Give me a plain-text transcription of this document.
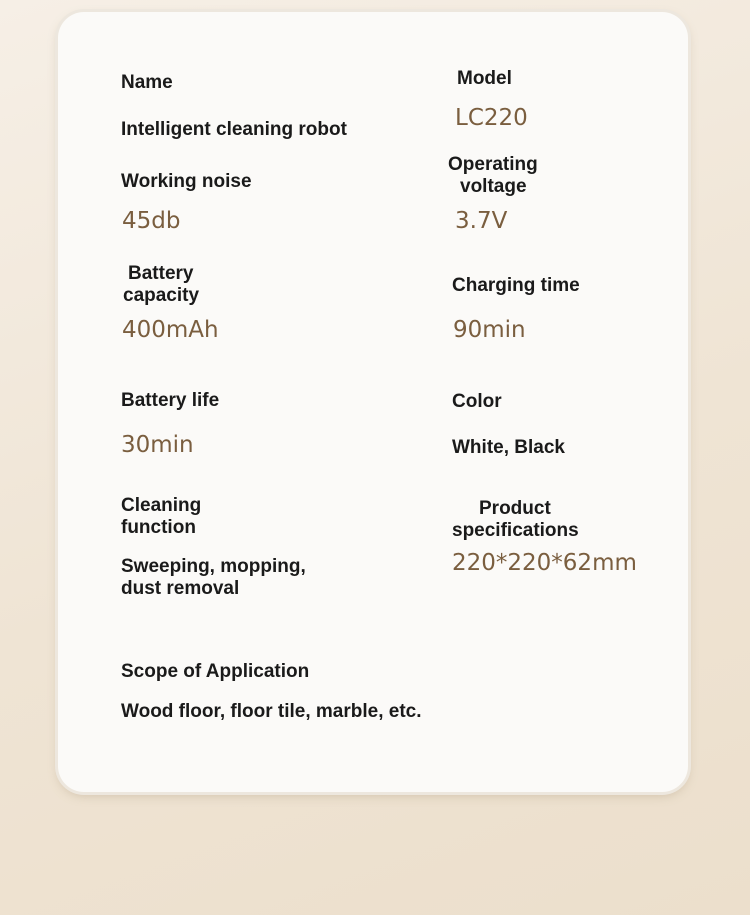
Name

Intelligent cleaning robot

Working noise

45db

Battery

capacity

400mAh

Battery life

30min

Cleaning

function

Sweeping, mopping,

dust removal

Scope of Application

Wood floor, floor tile, marble, etc.

Model

LC220

Operating

voltage

3.7V

Charging time

90min

Color

White, Black

Product

specifications

220*220*62mm
